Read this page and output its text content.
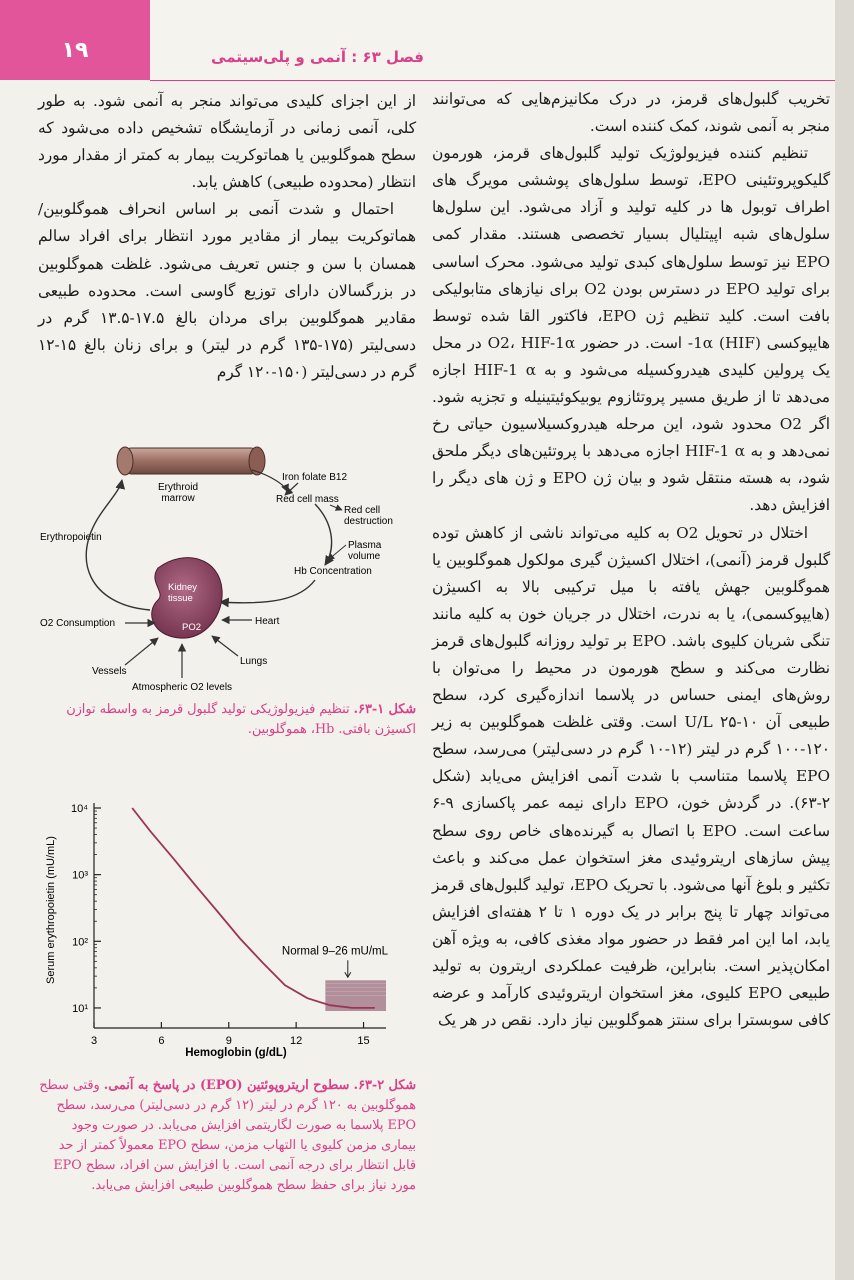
۱۹	فصل ۶۳ : آنمی و پلی‌سیتمی

تخریب گلبول‌های قرمز، در درک مکانیزم‌هایی که می‌توانند منجر به آنمی شوند، کمک کننده است.

تنظیم کننده فیزیولوژیک تولید گلبول‌های قرمز، هورمون گلیکوپروتئینی EPO، توسط سلول‌های پوششی مویرگ های اطراف توبول ها در کلیه تولید و آزاد می‌شود. این سلول‌ها سلول‌های شبه اپیتلیال بسیار تخصصی هستند. مقدار کمی EPO نیز توسط سلول‌های کبدی تولید می‌شود. محرک اساسی برای تولید EPO در دسترس بودن O2 برای نیازهای متابولیکی بافت است. کلید تنظیم ژن EPO، فاکتور القا شده توسط هایپوکسی (HIF) 1α- است. در حضور O2، HIF-1α در محل یک پرولین کلیدی هیدروکسیله می‌شود و به HIF-1 α اجازه می‌دهد تا از طریق مسیر پروتئازوم یوبیکوئیتینیله و تجزیه شود. اگر O2 محدود شود، این مرحله هیدروکسیلاسیون حیاتی رخ نمی‌دهد و به HIF-1 α اجازه می‌دهد با پروتئین‌های دیگر ملحق شود، به هسته منتقل شود و بیان ژن EPO و ژن های دیگر را افزایش دهد.

اختلال در تحویل O2 به کلیه می‌تواند ناشی از کاهش توده گلبول قرمز (آنمی)، اختلال اکسیژن گیری مولکول هموگلوبین یا هموگلوبین جهش یافته با میل ترکیبی بالا به اکسیژن (هایپوکسمی)، یا به ندرت، اختلال در جریان خون به کلیه مانند تنگی شریان کلیوی باشد. EPO بر تولید روزانه گلبول‌های قرمز نظارت می‌کند و سطح هورمون در محیط را می‌توان با روش‌های ایمنی حساس در پلاسما اندازه‌گیری کرد، سطح طبیعی آن U/L ۲۵-۱۰ است. وقتی غلظت هموگلوبین به زیر ۱۲۰-۱۰۰ گرم در لیتر (۱۲-۱۰ گرم در دسی‌لیتر) می‌رسد، سطح EPO پلاسما متناسب با شدت آنمی افزایش می‌یابد (شکل ۲-۶۳). در گردش خون، EPO دارای نیمه عمر پاکسازی ۹-۶ ساعت است. EPO با اتصال به گیرنده‌های خاص روی سطح پیش سازهای اریتروئیدی مغز استخوان عمل می‌کند و باعث تکثیر و بلوغ آنها می‌شود. با تحریک EPO، تولید گلبول‌های قرمز می‌تواند چهار تا پنج برابر در یک دوره ۱ تا ۲ هفته‌ای افزایش یابد، اما این امر فقط در حضور مواد مغذی کافی، به ویژه آهن امکان‌پذیر است. بنابراین، ظرفیت عملکردی اریترون به تولید طبیعی EPO کلیوی، مغز استخوان اریتروئیدی کارآمد و عرضه کافی سوبسترا برای سنتز هموگلوبین نیاز دارد. نقص در هر یک

از این اجزای کلیدی می‌تواند منجر به آنمی شود. به طور کلی، آنمی زمانی در آزمایشگاه تشخیص داده می‌شود که سطح هموگلوبین یا هماتوکریت بیمار به کمتر از مقدار مورد انتظار (محدوده طبیعی) کاهش یابد.

احتمال و شدت آنمی بر اساس انحراف هموگلوبین/هماتوکریت بیمار از مقادیر مورد انتظار برای افراد سالم همسان با سن و جنس تعریف می‌شود. غلظت هموگلوبین در بزرگسالان دارای توزیع گاوسی است. محدوده طبیعی مقادیر هموگلوبین برای مردان بالغ ۱۷.۵-۱۳.۵ گرم در دسی‌لیتر (۱۷۵-۱۳۵ گرم در لیتر) و برای زنان بالغ ۱۵-۱۲ گرم در دسی‌لیتر (۱۵۰-۱۲۰ گرم

Erythroid
marrow
Iron folate B12
Red cell mass
Red cell
destruction
Plasma
volume
Hb Concentration
Erythropoietin
Kidney
tissue
PO2
O2 Consumption	Heart
Lungs
Vessels
Atmospheric O2 levels
شکل ۱-۶۳. تنظیم فیزیولوژیکی تولید گلبول قرمز به واسطه توازن اکسیژن بافتی. Hb، هموگلوبین.
Serum erythropoietin (mU/mL)
Hemoglobin (g/dL)
10¹
10²
10³
10⁴
3	6	9	12	15
Normal 9–26 mU/mL
شکل ۲-۶۳. سطوح اریتروپوئتین (EPO) در پاسخ به آنمی. وقتی سطح هموگلوبین به ۱۲۰ گرم در لیتر (۱۲ گرم در دسی‌لیتر) می‌رسد، سطح EPO پلاسما به صورت لگاریتمی افزایش می‌یابد. در صورت وجود بیماری مزمن کلیوی یا التهاب مزمن، سطح EPO معمولاً کمتر از حد قابل انتظار برای درجه آنمی است. با افزایش سن افراد، سطح EPO مورد نیاز برای حفظ سطح هموگلوبین طبیعی افزایش می‌یابد.
